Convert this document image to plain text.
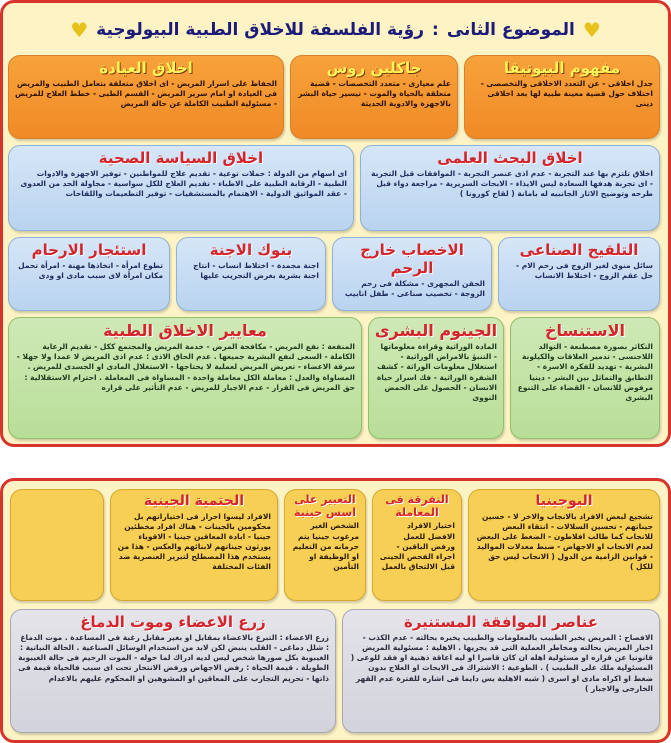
♥
الموضوع الثانى
:
رؤية الفلسفة للاخلاق الطبية البيولوجية
♥
مفهوم البيوتيقا
جدل اخلاقى - عن التعدد الاخلاقى والتخصصى - اختلاف حول قضية معينة طبية لها بعد اخلاقى دينى
جاكلين روس
علم معيارى - متعدد التخصصات - قضية متعلقة بالحياة والموت - تيسير حياة البشر بالاجهزة والادوية الحديثة
اخلاق العيادة
الحفاظ على اسرار المريض - اى اخلاق متعلقة بتعامل الطبيب والمريض فى العيادة او امام سرير المريض - القسم الطبى - خطط العلاج للمريض - مسئولية الطبيب الكاملة عن حالة المريض
اخلاق البحث العلمى
اخلاق تلتزم بها عند التجربة - عدم اذى عنصر التجربة - الموافقات قبل التجربة - اى تجربة هدفها السعادة ليس الايذاء - الابحاث السريرية - مراجعة دواء قبل طرحه وتوضيح الاثار الجانبيه له بامانة ( لقاح كورونا )
اخلاق السياسة الصحية
اى اسهام من الدولة : حملات توعية - تقديم علاج للمواطنين - توفير الاجهزة والادوات الطبية - الرقابة الطبية على الاطباء - تقديم العلاج للكل سواسية - مجاولة الحد من العدوى - عقد المواثيق الدولية - الاهتمام بالمستشفيات - توفير التطعيمات واللقاحات
التلقيح الصناعى
سائل منوى لغير الزوج فى رحم الام - حل عقم الزوج - اختلاط الانساب
الاخصاب خارج الرحم
الحقن المجهرى - مشكلة فى رحم الزوجة - تخصيب صناعى - طفل انابيب
بنوك الاجنة
اجنة مجمدة - اختلاط انساب - انتاج اجنة بشرية بغرض التجريب عليها
استئجار الارحام
تطوع امرأة - اتخاذها مهنة - امرأة تحمل مكان امرأة لاى سبب مادى او ودى
الاستنساخ
التكاثر بصورة مصطنعة - التوالد اللاجنسى - تدمير العلاقات والكيلونة البشرية - تهديد للفكرة الاسرة - التطابق والتماثل بين البشر - دينيا مرفوض للانسان - القضاء على التنوع البشرى
الجينوم البشرى
المادة الوراثية وقراءة معلوماتها - التنبؤ بالامراض الوراثية - استغلال معلومات الوراثة - كشف الشفرة الوراثية - فك اسرار حياة الانسان - الحصول على الحمض النووى
معايير الاخلاق الطبية
المنفعة : نفع المريض - مكافحة المرض - خدمة المريض والمجتمع ككل - تقديم الرعاية الكاملة - السعى لنفع البشرية جميعها . عدم الحاق الاذى : عدم اذى المريض لا عمدا ولا جهلا - سرقة الاعضاء - تعريض المريض لعملية لا يحتاجها - الاستغلال المادى او الجسدى للمريض . المساواة والعدل : معاملة الكل معاملة واحدة - المساواة فى المعاملة . احترام الاستقلالية : حق المريض فى القرار - عدم الاجبار للمريض - عدم التأثير على قراره
اليوجينيا
تشجيع لبعض الافراد بالانجاب والاخر لا - حسين جيناتهم - تحسين السلالات - انتقاء البعض للانجاب كما طالب افلاطون - الضغط على البعض لعدم الانجاب او الاجهاض - ضبط معدلات المواليد - قوانين الزامية من الدول ( الانجاب ليس حق للكل )
التفرقة فى المعاملة
اختيار الافراد الافضل للعمل ورفض الباقين - اجراء الفحص الجينى قبل الالتحاق بالعمل
التعبير على اسس جينية
الشخص الغير مرغوب جينيا يتم حرمانه من التعليم او الوظيفة او التأمين
الحتمية الجينية
الافراد ليسوا احرار فى اختياراتهم بل محكومين بالجينات - هناك افراد مخطئين جينيا - ابادة المعاقين جينيا - الاقوياء يورثون جيناتهم لابنائهم والعكس - هذا من يستخدم هذا المصطلح لتبرير العنصرية ضد الفئات المختلفة
عناصر الموافقة المستنيرة
الافصاح : المريض يخبر الطبيب بالمعلومات والطبيب يخبره بحالته - عدم الكذب - اخبار المريض بحالته ومخاطر العملية التى قد يجريها . الاهلية : مسئولية المريض قانونيا عن قراره او مسئولية اهله ان كان قاصرا او ليه اعاقة ذهنية او فقد للوعى ( المسئولية ملك على الطبيب ) . الطوعية : الاشتراك فى الابحاث او العلاج بدون ضغط او اكراه مادى او اسرى ( شبه الاهلية يس دايما فى اشاره للفترة عدم القهر الخارجى والاجبار )
زرع الاعضاء وموت الدماغ
زرع الاعضاء : التبرع بالاعضاء بمقابل او بغير مقابل رغبة فى المساعدة . موت الدماغ : شلل دماغى - القلب ينبض لكن لابد من استخدام الوسائل الصناعية . الحالة النباتية : الغيبوبة بكل صورها شخص ليس لديه ادراك لما حوله - الموت الرحيم فى حالة الغيبوبة الطويلة . قيمة الحياة : رفض الاجهاض ورفض الانتحار تحت اى سبب فالحياة قيمة فى ذاتها - تحريم التجارب على المعاقين او المشوهين او المحكوم عليهم بالاعدام
